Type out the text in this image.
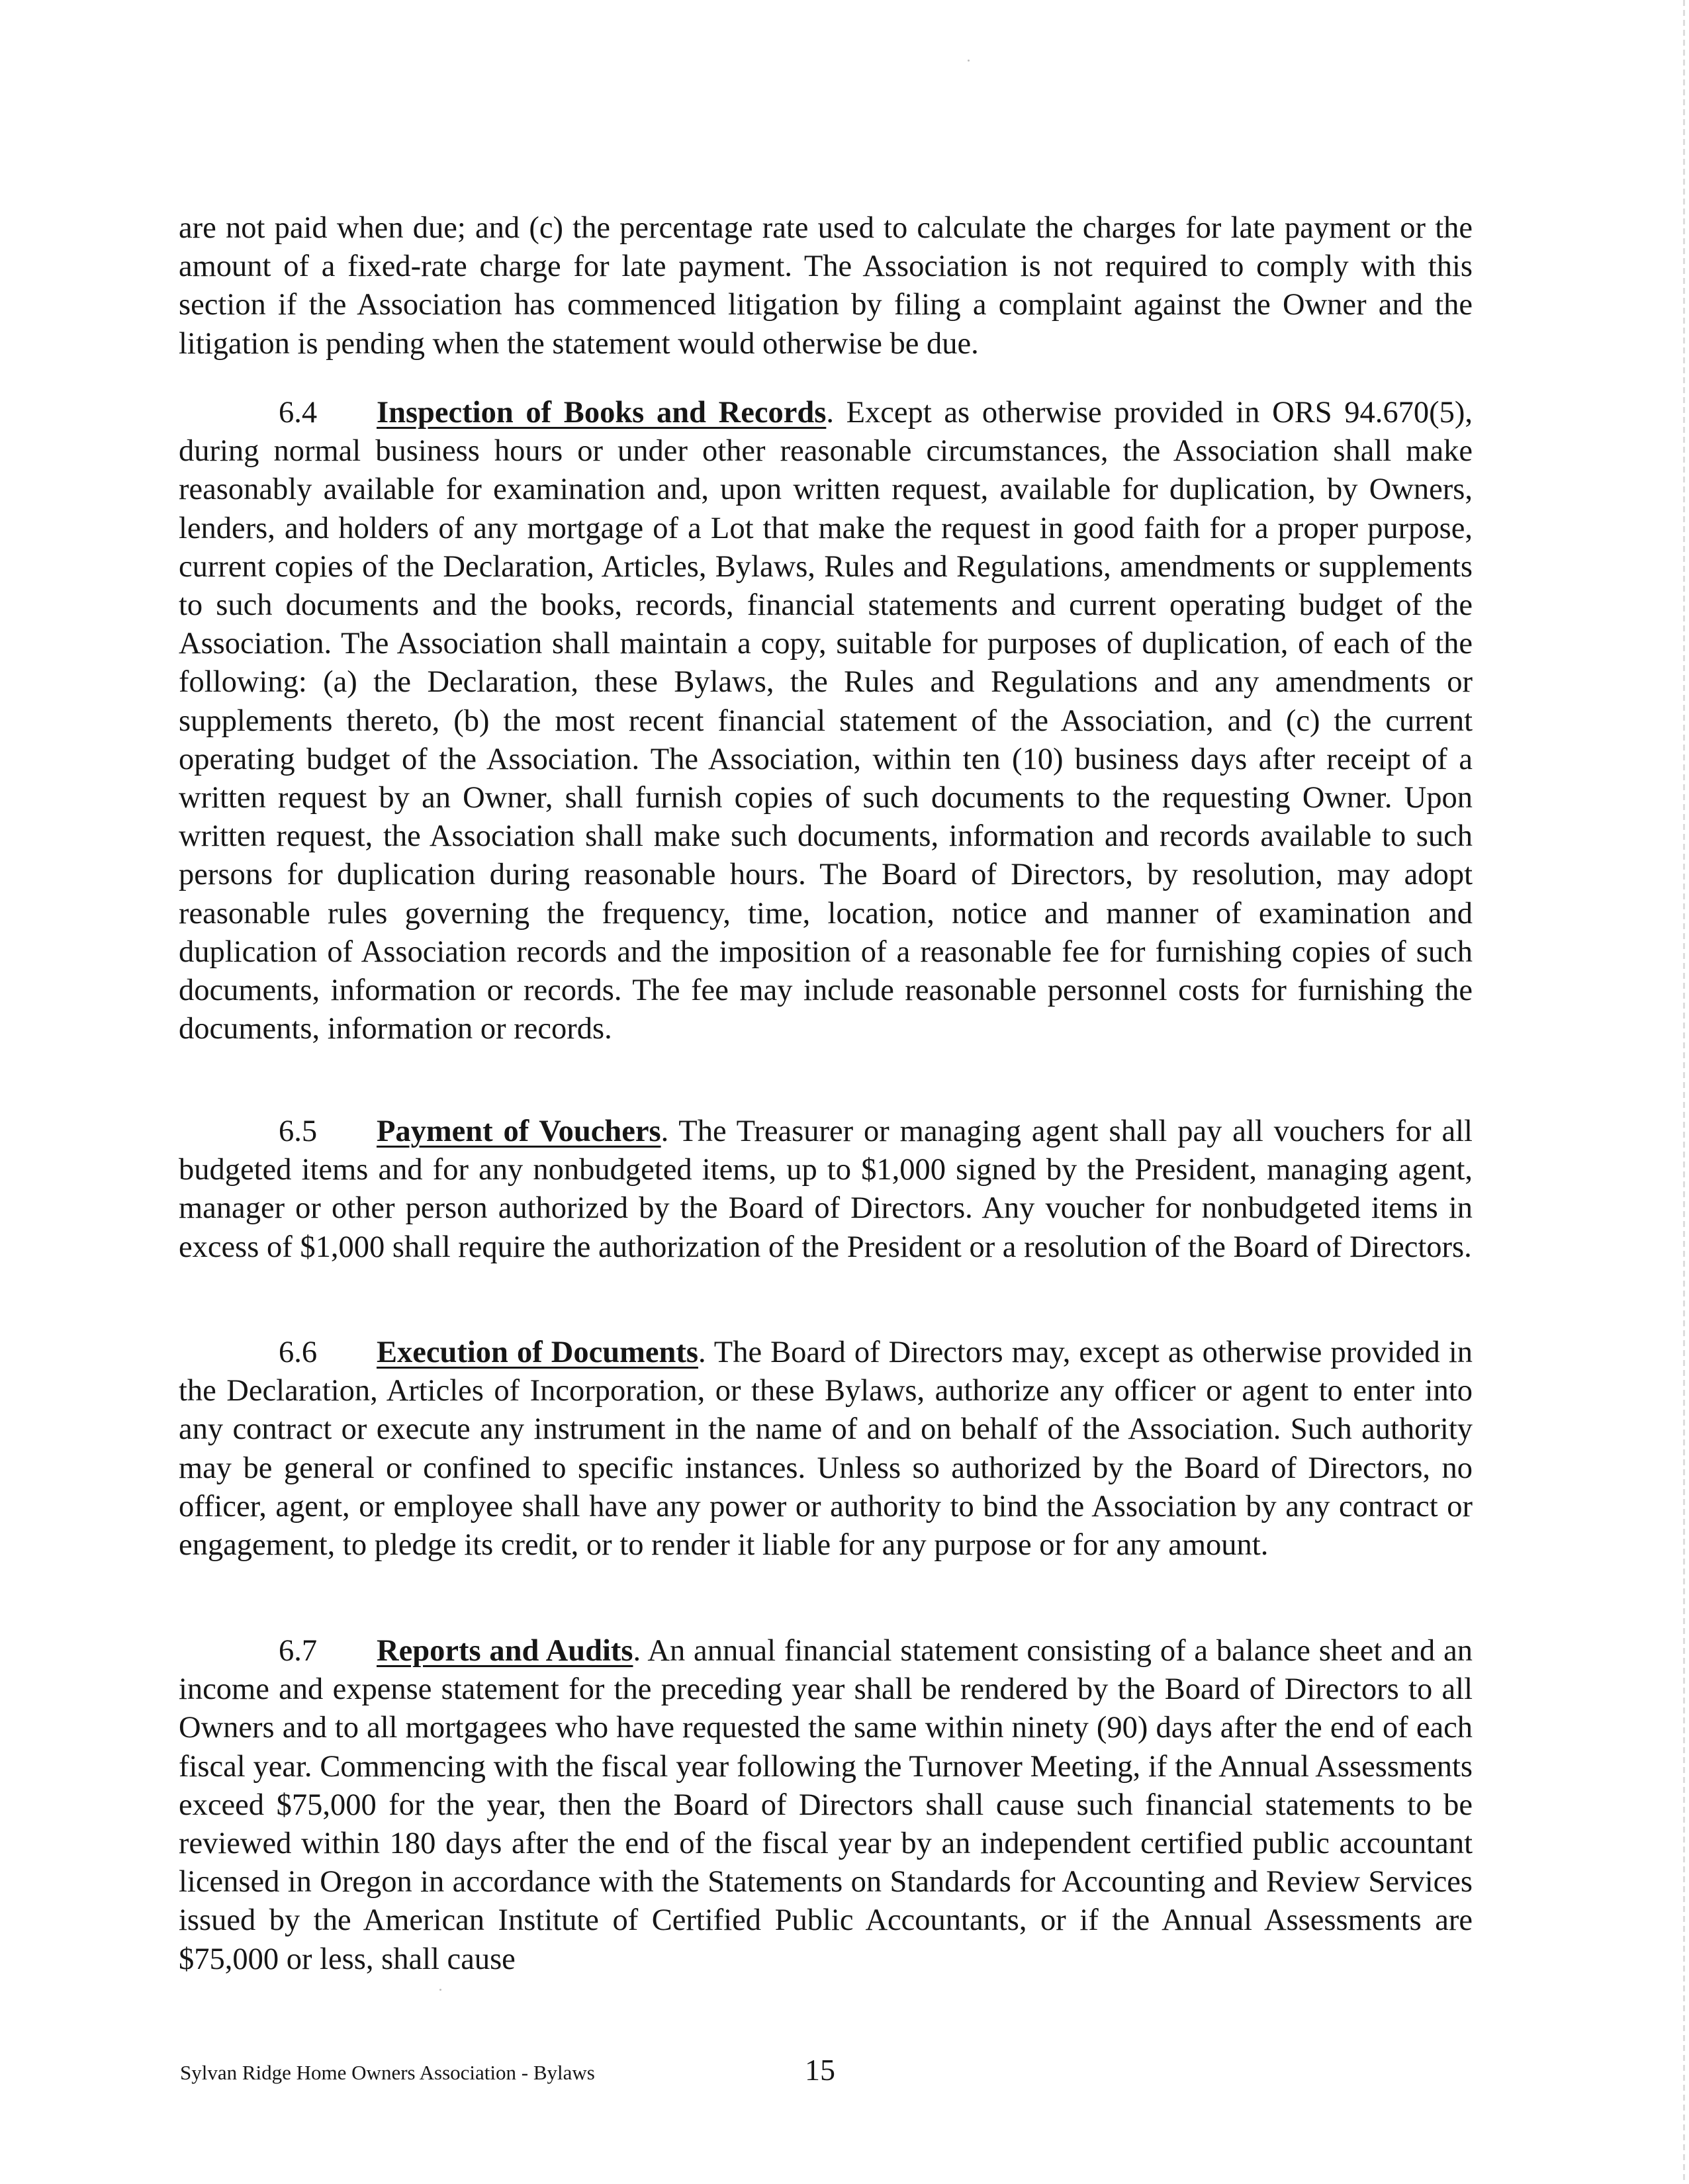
are not paid when due; and (c) the percentage rate used to calculate the charges for late payment or the amount of a fixed-rate charge for late payment. The Association is not required to comply with this section if the Association has commenced litigation by filing a complaint against the Owner and the litigation is pending when the statement would otherwise be due.

6.4 Inspection of Books and Records. Except as otherwise provided in ORS 94.670(5), during normal business hours or under other reasonable circumstances, the Association shall make reasonably available for examination and, upon written request, available for duplication, by Owners, lenders, and holders of any mortgage of a Lot that make the request in good faith for a proper purpose, current copies of the Declaration, Articles, Bylaws, Rules and Regulations, amendments or supplements to such documents and the books, records, financial statements and current operating budget of the Association. The Association shall maintain a copy, suitable for purposes of duplication, of each of the following: (a) the Declaration, these Bylaws, the Rules and Regulations and any amendments or supplements thereto, (b) the most recent financial statement of the Association, and (c) the current operating budget of the Association. The Association, within ten (10) business days after receipt of a written request by an Owner, shall furnish copies of such documents to the requesting Owner. Upon written request, the Association shall make such documents, information and records available to such persons for duplication during reasonable hours. The Board of Directors, by resolution, may adopt reasonable rules governing the frequency, time, location, notice and manner of examination and duplication of Association records and the imposition of a reasonable fee for furnishing copies of such documents, information or records. The fee may include reasonable personnel costs for furnishing the documents, information or records.

6.5 Payment of Vouchers. The Treasurer or managing agent shall pay all vouchers for all budgeted items and for any nonbudgeted items, up to $1,000 signed by the President, managing agent, manager or other person authorized by the Board of Directors. Any voucher for nonbudgeted items in excess of $1,000 shall require the authorization of the President or a resolution of the Board of Directors.

6.6 Execution of Documents. The Board of Directors may, except as otherwise provided in the Declaration, Articles of Incorporation, or these Bylaws, authorize any officer or agent to enter into any contract or execute any instrument in the name of and on behalf of the Association. Such authority may be general or confined to specific instances. Unless so authorized by the Board of Directors, no officer, agent, or employee shall have any power or authority to bind the Association by any contract or engagement, to pledge its credit, or to render it liable for any purpose or for any amount.

6.7 Reports and Audits. An annual financial statement consisting of a balance sheet and an income and expense statement for the preceding year shall be rendered by the Board of Directors to all Owners and to all mortgagees who have requested the same within ninety (90) days after the end of each fiscal year. Commencing with the fiscal year following the Turnover Meeting, if the Annual Assessments exceed $75,000 for the year, then the Board of Directors shall cause such financial statements to be reviewed within 180 days after the end of the fiscal year by an independent certified public accountant licensed in Oregon in accordance with the Statements on Standards for Accounting and Review Services issued by the American Institute of Certified Public Accountants, or if the Annual Assessments are $75,000 or less, shall cause

Sylvan Ridge Home Owners Association - Bylaws	15
